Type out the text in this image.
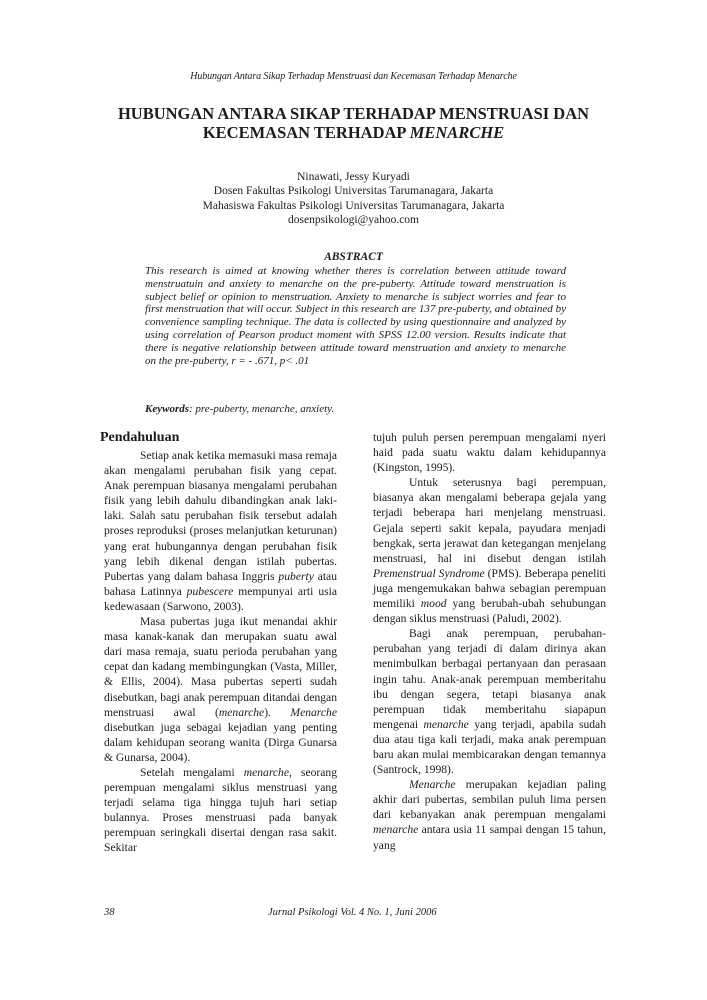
Hubungan Antara Sikap Terhadap Menstruasi dan Kecemasan Terhadap Menarche
HUBUNGAN ANTARA SIKAP TERHADAP MENSTRUASI DAN
KECEMASAN TERHADAP MENARCHE
Ninawati, Jessy Kuryadi
Dosen Fakultas Psikologi Universitas Tarumanagara, Jakarta
Mahasiswa Fakultas Psikologi Universitas Tarumanagara, Jakarta
dosenpsikologi@yahoo.com
ABSTRACT
This research is aimed at knowing whether theres is correlation between attitude toward menstruatuin and anxiety to menarche on the pre-puberty. Attitude toward menstruation is subject belief or opinion to menstruation. Anxiety to menarche is subject worries and fear to first menstruation that will occur. Subject in this research are 137 pre-puberty, and obtained by convenience sampling technique. The data is collected by using questionnaire and analyzed by using correlation of Pearson product moment with SPSS 12.00 version. Results indicate that there is negative relationship between attitude toward menstruation and anxiety to menarche on the pre-puberty, r = - .671, p< .01
Keywords: pre-puberty, menarche, anxiety.
Pendahuluan

Setiap anak ketika memasuki masa remaja akan mengalami perubahan fisik yang cepat. Anak perempuan biasanya mengalami perubahan fisik yang lebih dahulu dibandingkan anak laki-laki. Salah satu perubahan fisik tersebut adalah proses reproduksi (proses melanjutkan keturunan) yang erat hubungannya dengan perubahan fisik yang lebih dikenal dengan istilah pubertas. Pubertas yang dalam bahasa Inggris puberty atau bahasa Latinnya pubescere mempunyai arti usia kedewasaan (Sarwono, 2003).

Masa pubertas juga ikut menandai akhir masa kanak-kanak dan merupakan suatu awal dari masa remaja, suatu perioda perubahan yang cepat dan kadang membingungkan (Vasta, Miller, & Ellis, 2004). Masa pubertas seperti sudah disebutkan, bagi anak perempuan ditandai dengan menstruasi awal (menarche). Menarche disebutkan juga sebagai kejadian yang penting dalam kehidupan seorang wanita (Dirga Gunarsa & Gunarsa, 2004).

Setelah mengalami menarche, seorang perempuan mengalami siklus menstruasi yang terjadi selama tiga hingga tujuh hari setiap bulannya. Proses menstruasi pada banyak perempuan seringkali disertai dengan rasa sakit. Sekitar

tujuh puluh persen perempuan mengalami nyeri haid pada suatu waktu dalam kehidupannya (Kingston, 1995).

Untuk seterusnya bagi perempuan, biasanya akan mengalami beberapa gejala yang terjadi beberapa hari menjelang menstruasi. Gejala seperti sakit kepala, payudara menjadi bengkak, serta jerawat dan ketegangan menjelang menstruasi, hal ini disebut dengan istilah Premenstrual Syndrome (PMS). Beberapa peneliti juga mengemukakan bahwa sebagian perempuan memiliki mood yang berubah-ubah sehubungan dengan siklus menstruasi (Paludi, 2002).

Bagi anak perempuan, perubahan-perubahan yang terjadi di dalam dirinya akan menimbulkan berbagai pertanyaan dan perasaan ingin tahu. Anak-anak perempuan memberitahu ibu dengan segera, tetapi biasanya anak perempuan tidak memberitahu siapapun mengenai menarche yang terjadi, apabila sudah dua atau tiga kali terjadi, maka anak perempuan baru akan mulai membicarakan dengan temannya (Santrock, 1998).

Menarche merupakan kejadian paling akhir dari pubertas, sembilan puluh lima persen dari kebanyakan anak perempuan mengalami menarche antara usia 11 sampai dengan 15 tahun, yang

38	Jurnal Psikologi Vol. 4 No. 1, Juni 2006
